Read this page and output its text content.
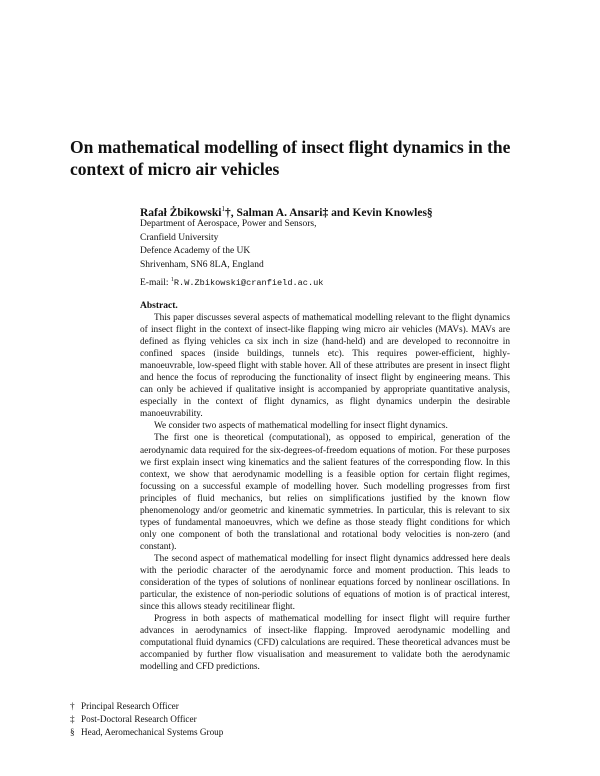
On mathematical modelling of insect flight dynamics in the context of micro air vehicles
Rafał Żbikowski$^1$†, Salman A. Ansari‡ and Kevin Knowles§
Department of Aerospace, Power and Sensors,
Cranfield University
Defence Academy of the UK
Shrivenham, SN6 8LA, England
E-mail: $^1$R.W.Zbikowski@cranfield.ac.uk
Abstract.

This paper discusses several aspects of mathematical modelling relevant to the flight dynamics of insect flight in the context of insect-like flapping wing micro air vehicles (MAVs). MAVs are defined as flying vehicles ca six inch in size (hand-held) and are developed to reconnoitre in confined spaces (inside buildings, tunnels etc). This requires power-efficient, highly-manoeuvrable, low-speed flight with stable hover. All of these attributes are present in insect flight and hence the focus of reproducing the functionality of insect flight by engineering means. This can only be achieved if qualitative insight is accompanied by appropriate quantitative analysis, especially in the context of flight dynamics, as flight dynamics underpin the desirable manoeuvrability.

We consider two aspects of mathematical modelling for insect flight dynamics.

The first one is theoretical (computational), as opposed to empirical, generation of the aerodynamic data required for the six-degrees-of-freedom equations of motion. For these purposes we first explain insect wing kinematics and the salient features of the corresponding flow. In this context, we show that aerodynamic modelling is a feasible option for certain flight regimes, focussing on a successful example of modelling hover. Such modelling progresses from first principles of fluid mechanics, but relies on simplifications justified by the known flow phenomenology and/or geometric and kinematic symmetries. In particular, this is relevant to six types of fundamental manoeuvres, which we define as those steady flight conditions for which only one component of both the translational and rotational body velocities is non-zero (and constant).

The second aspect of mathematical modelling for insect flight dynamics addressed here deals with the periodic character of the aerodynamic force and moment production. This leads to consideration of the types of solutions of nonlinear equations forced by nonlinear oscillations. In particular, the existence of non-periodic solutions of equations of motion is of practical interest, since this allows steady recitilinear flight.

Progress in both aspects of mathematical modelling for insect flight will require further advances in aerodynamics of insect-like flapping. Improved aerodynamic modelling and computational fluid dynamics (CFD) calculations are required. These theoretical advances must be accompanied by further flow visualisation and measurement to validate both the aerodynamic modelling and CFD predictions.

† Principal Research Officer
‡ Post-Doctoral Research Officer
§ Head, Aeromechanical Systems Group
